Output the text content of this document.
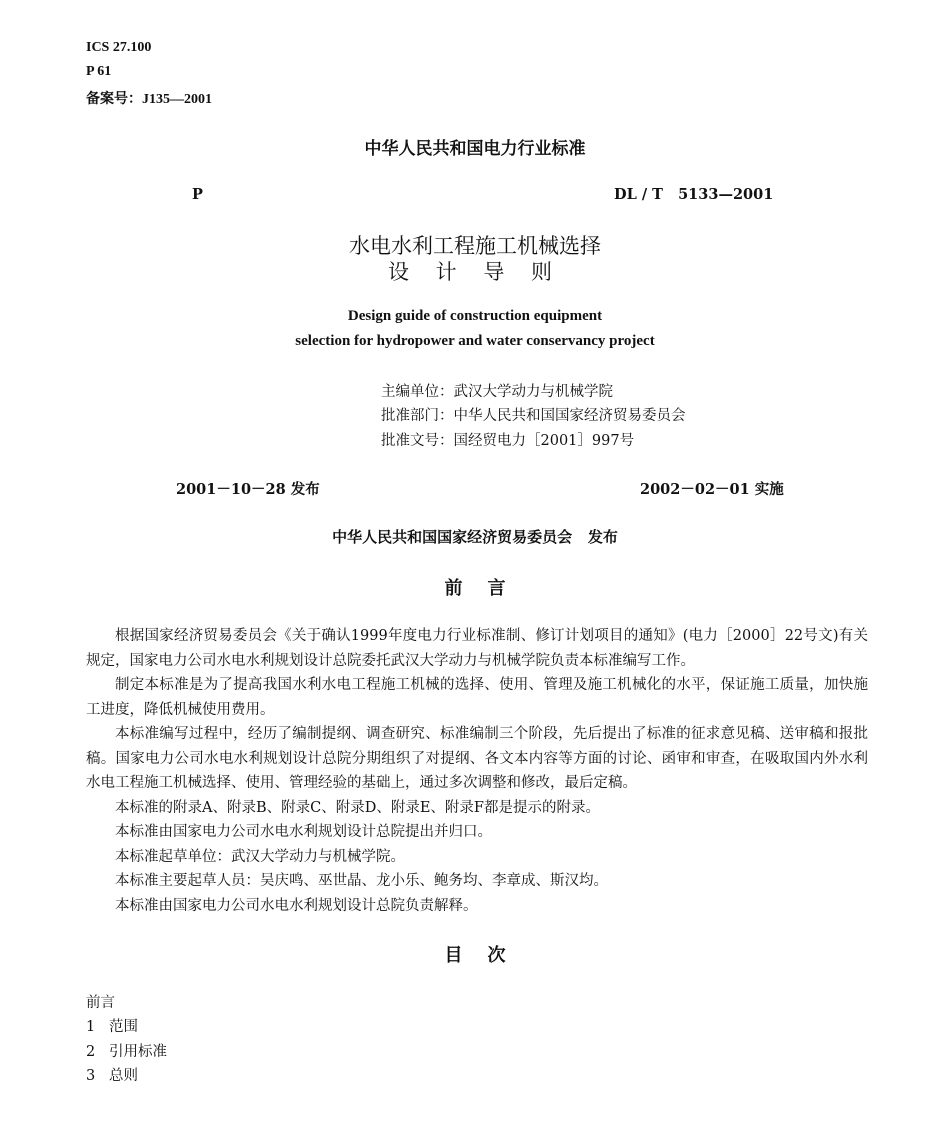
ICS 27.100
P 61
备案号：J135—2001
中华人民共和国电力行业标准
P	DL / T   5133—2001
水电水利工程施工机械选择
设 计 导 则
Design guide of construction equipment
selection for hydropower and water conservancy project
主编单位：武汉大学动力与机械学院
批准部门：中华人民共和国国家经济贸易委员会
批准文号：国经贸电力［2001］997号
2001－10－28 发布	2002－02－01 实施
中华人民共和国国家经济贸易委员会   发布
前    言

根据国家经济贸易委员会《关于确认1999年度电力行业标准制、修订计划项目的通知》(电力［2000］22号文)有关规定，国家电力公司水电水利规划设计总院委托武汉大学动力与机械学院负责本标准编写工作。

制定本标准是为了提高我国水利水电工程施工机械的选择、使用、管理及施工机械化的水平，保证施工质量，加快施工进度，降低机械使用费用。

本标准编写过程中，经历了编制提纲、调查研究、标准编制三个阶段，先后提出了标准的征求意见稿、送审稿和报批稿。国家电力公司水电水利规划设计总院分期组织了对提纲、各文本内容等方面的讨论、函审和审查，在吸取国内外水利水电工程施工机械选择、使用、管理经验的基础上，通过多次调整和修改，最后定稿。

本标准的附录A、附录B、附录C、附录D、附录E、附录F都是提示的附录。

本标准由国家电力公司水电水利规划设计总院提出并归口。

本标准起草单位：武汉大学动力与机械学院。

本标准主要起草人员：吴庆鸣、巫世晶、龙小乐、鲍务均、李章成、斯汉均。

本标准由国家电力公司水电水利规划设计总院负责解释。

目    次
前言
1   范围
2   引用标准
3   总则
